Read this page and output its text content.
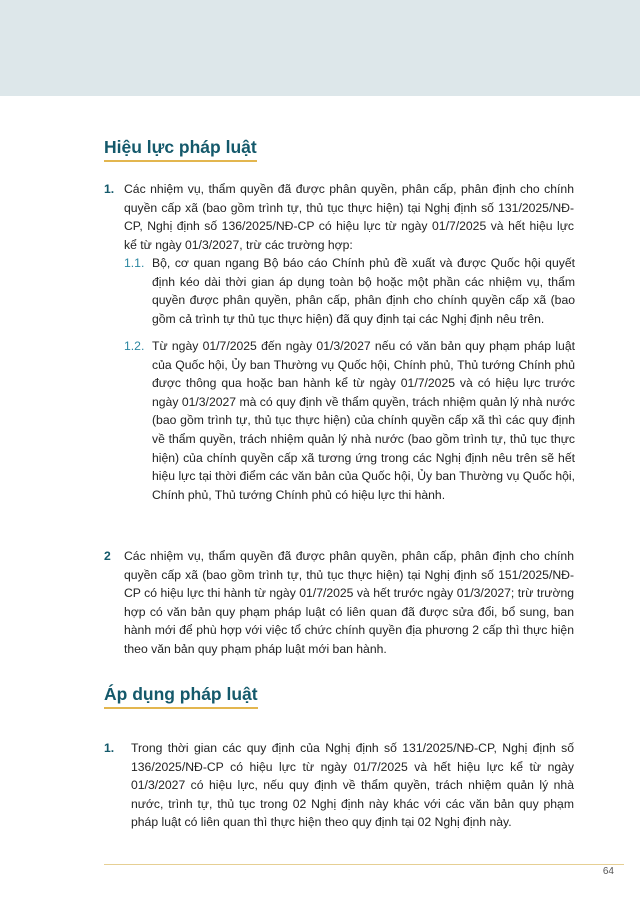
Hiệu lực pháp luật
1. Các nhiệm vụ, thẩm quyền đã được phân quyền, phân cấp, phân định cho chính quyền cấp xã (bao gồm trình tự, thủ tục thực hiện) tại Nghị định số 131/2025/NĐ-CP, Nghị định số 136/2025/NĐ-CP có hiệu lực từ ngày 01/7/2025 và hết hiệu lực kể từ ngày 01/3/2027, trừ các trường hợp:

1.1. Bộ, cơ quan ngang Bộ báo cáo Chính phủ đề xuất và được Quốc hội quyết định kéo dài thời gian áp dụng toàn bộ hoặc một phần các nhiệm vụ, thẩm quyền được phân quyền, phân cấp, phân định cho chính quyền cấp xã (bao gồm cả trình tự thủ tục thực hiện) đã quy định tại các Nghị định nêu trên.

1.2. Từ ngày 01/7/2025 đến ngày 01/3/2027 nếu có văn bản quy phạm pháp luật của Quốc hội, Ủy ban Thường vụ Quốc hội, Chính phủ, Thủ tướng Chính phủ được thông qua hoặc ban hành kể từ ngày 01/7/2025 và có hiệu lực trước ngày 01/3/2027 mà có quy định về thẩm quyền, trách nhiệm quản lý nhà nước (bao gồm trình tự, thủ tục thực hiện) của chính quyền cấp xã thì các quy định về thẩm quyền, trách nhiệm quản lý nhà nước (bao gồm trình tự, thủ tục thực hiện) của chính quyền cấp xã tương ứng trong các Nghị định nêu trên sẽ hết hiệu lực tại thời điểm các văn bản của Quốc hội, Ủy ban Thường vụ Quốc hội, Chính phủ, Thủ tướng Chính phủ có hiệu lực thi hành.

2 Các nhiệm vụ, thẩm quyền đã được phân quyền, phân cấp, phân định cho chính quyền cấp xã (bao gồm trình tự, thủ tục thực hiện) tại Nghị định số 151/2025/NĐ-CP có hiệu lực thi hành từ ngày 01/7/2025 và hết trước ngày 01/3/2027; trừ trường hợp có văn bản quy phạm pháp luật có liên quan đã được sửa đổi, bổ sung, ban hành mới để phù hợp với việc tổ chức chính quyền địa phương 2 cấp thì thực hiện theo văn bản quy phạm pháp luật mới ban hành.

Áp dụng pháp luật
1. Trong thời gian các quy định của Nghị định số 131/2025/NĐ-CP, Nghị định số 136/2025/NĐ-CP có hiệu lực từ ngày 01/7/2025 và hết hiệu lực kể từ ngày 01/3/2027 có hiệu lực, nếu quy định về thẩm quyền, trách nhiệm quản lý nhà nước, trình tự, thủ tục trong 02 Nghị định này khác với các văn bản quy phạm pháp luật có liên quan thì thực hiện theo quy định tại 02 Nghị định này.

64
